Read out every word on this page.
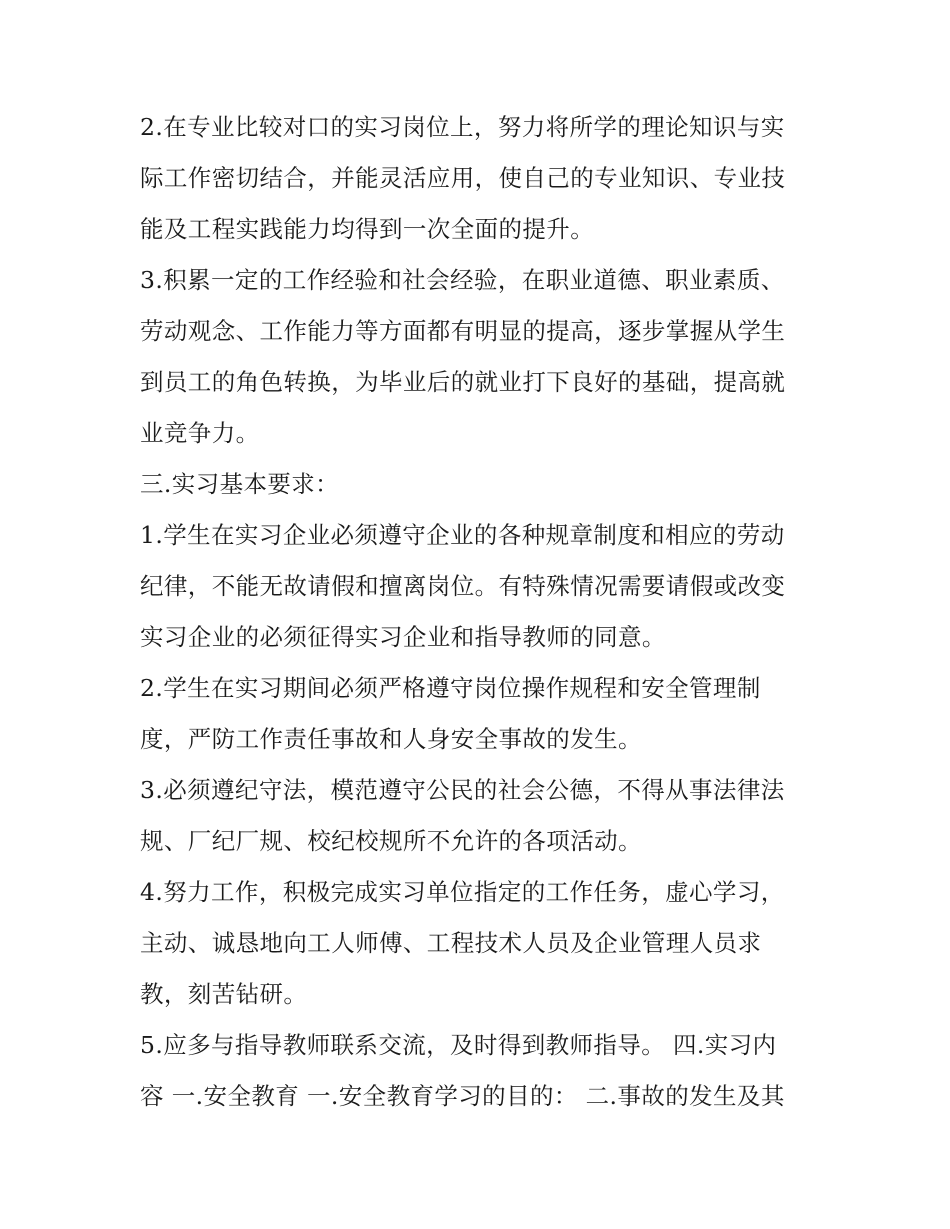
2.在专业比较对口的实习岗位上，努力将所学的理论知识与实
际工作密切结合，并能灵活应用，使自己的专业知识、专业技
能及工程实践能力均得到一次全面的提升。

3.积累一定的工作经验和社会经验，在职业道德、职业素质、
劳动观念、工作能力等方面都有明显的提高，逐步掌握从学生
到员工的角色转换，为毕业后的就业打下良好的基础，提高就
业竞争力。

三.实习基本要求：

1.学生在实习企业必须遵守企业的各种规章制度和相应的劳动
纪律，不能无故请假和擅离岗位。有特殊情况需要请假或改变
实习企业的必须征得实习企业和指导教师的同意。

2.学生在实习期间必须严格遵守岗位操作规程和安全管理制
度，严防工作责任事故和人身安全事故的发生。

3.必须遵纪守法，模范遵守公民的社会公德，不得从事法律法
规、厂纪厂规、校纪校规所不允许的各项活动。

4.努力工作，积极完成实习单位指定的工作任务，虚心学习，
主动、诚恳地向工人师傅、工程技术人员及企业管理人员求
教，刻苦钻研。

5.应多与指导教师联系交流，及时得到教师指导。 四.实习内
容 一.安全教育 一.安全教育学习的目的： 二.事故的发生及其
